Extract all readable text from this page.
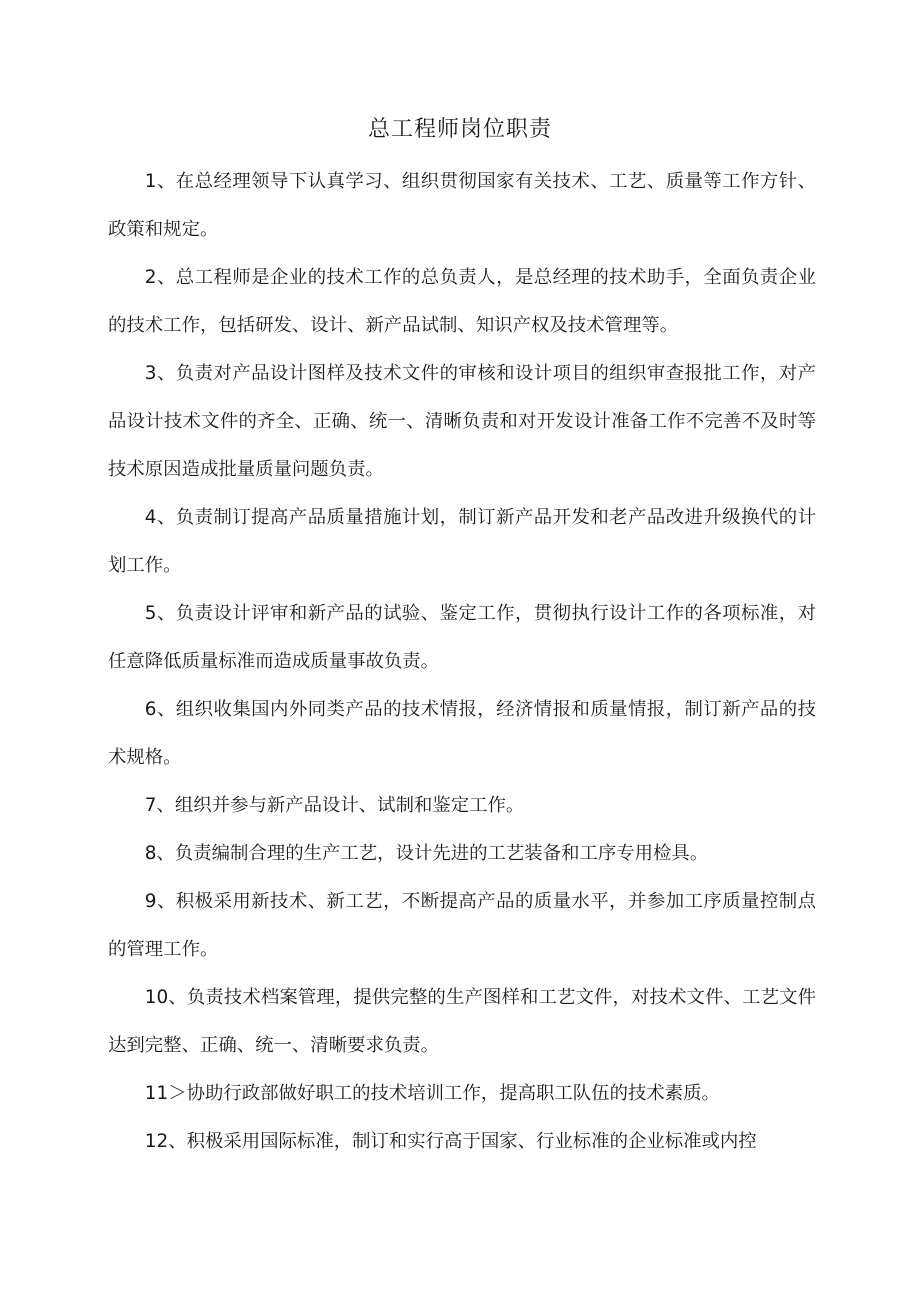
总工程师岗位职责

1、在总经理领导下认真学习、组织贯彻国家有关技术、工艺、质量等工作方针、政策和规定。

2、总工程师是企业的技术工作的总负责人，是总经理的技术助手，全面负责企业的技术工作，包括研发、设计、新产品试制、知识产权及技术管理等。

3、负责对产品设计图样及技术文件的审核和设计项目的组织审查报批工作，对产品设计技术文件的齐全、正确、统一、清晰负责和对开发设计准备工作不完善不及时等技术原因造成批量质量问题负责。

4、负责制订提高产品质量措施计划，制订新产品开发和老产品改进升级换代的计划工作。

5、负责设计评审和新产品的试验、鉴定工作，贯彻执行设计工作的各项标准，对任意降低质量标准而造成质量事故负责。

6、组织收集国内外同类产品的技术情报，经济情报和质量情报，制订新产品的技术规格。

7、组织并参与新产品设计、试制和鉴定工作。

8、负责编制合理的生产工艺，设计先进的工艺装备和工序专用检具。

9、积极采用新技术、新工艺，不断提高产品的质量水平，并参加工序质量控制点的管理工作。

10、负责技术档案管理，提供完整的生产图样和工艺文件，对技术文件、工艺文件达到完整、正确、统一、清晰要求负责。

11＞协助行政部做好职工的技术培训工作，提高职工队伍的技术素质。

12、积极采用国际标准，制订和实行高于国家、行业标准的企业标准或内控
